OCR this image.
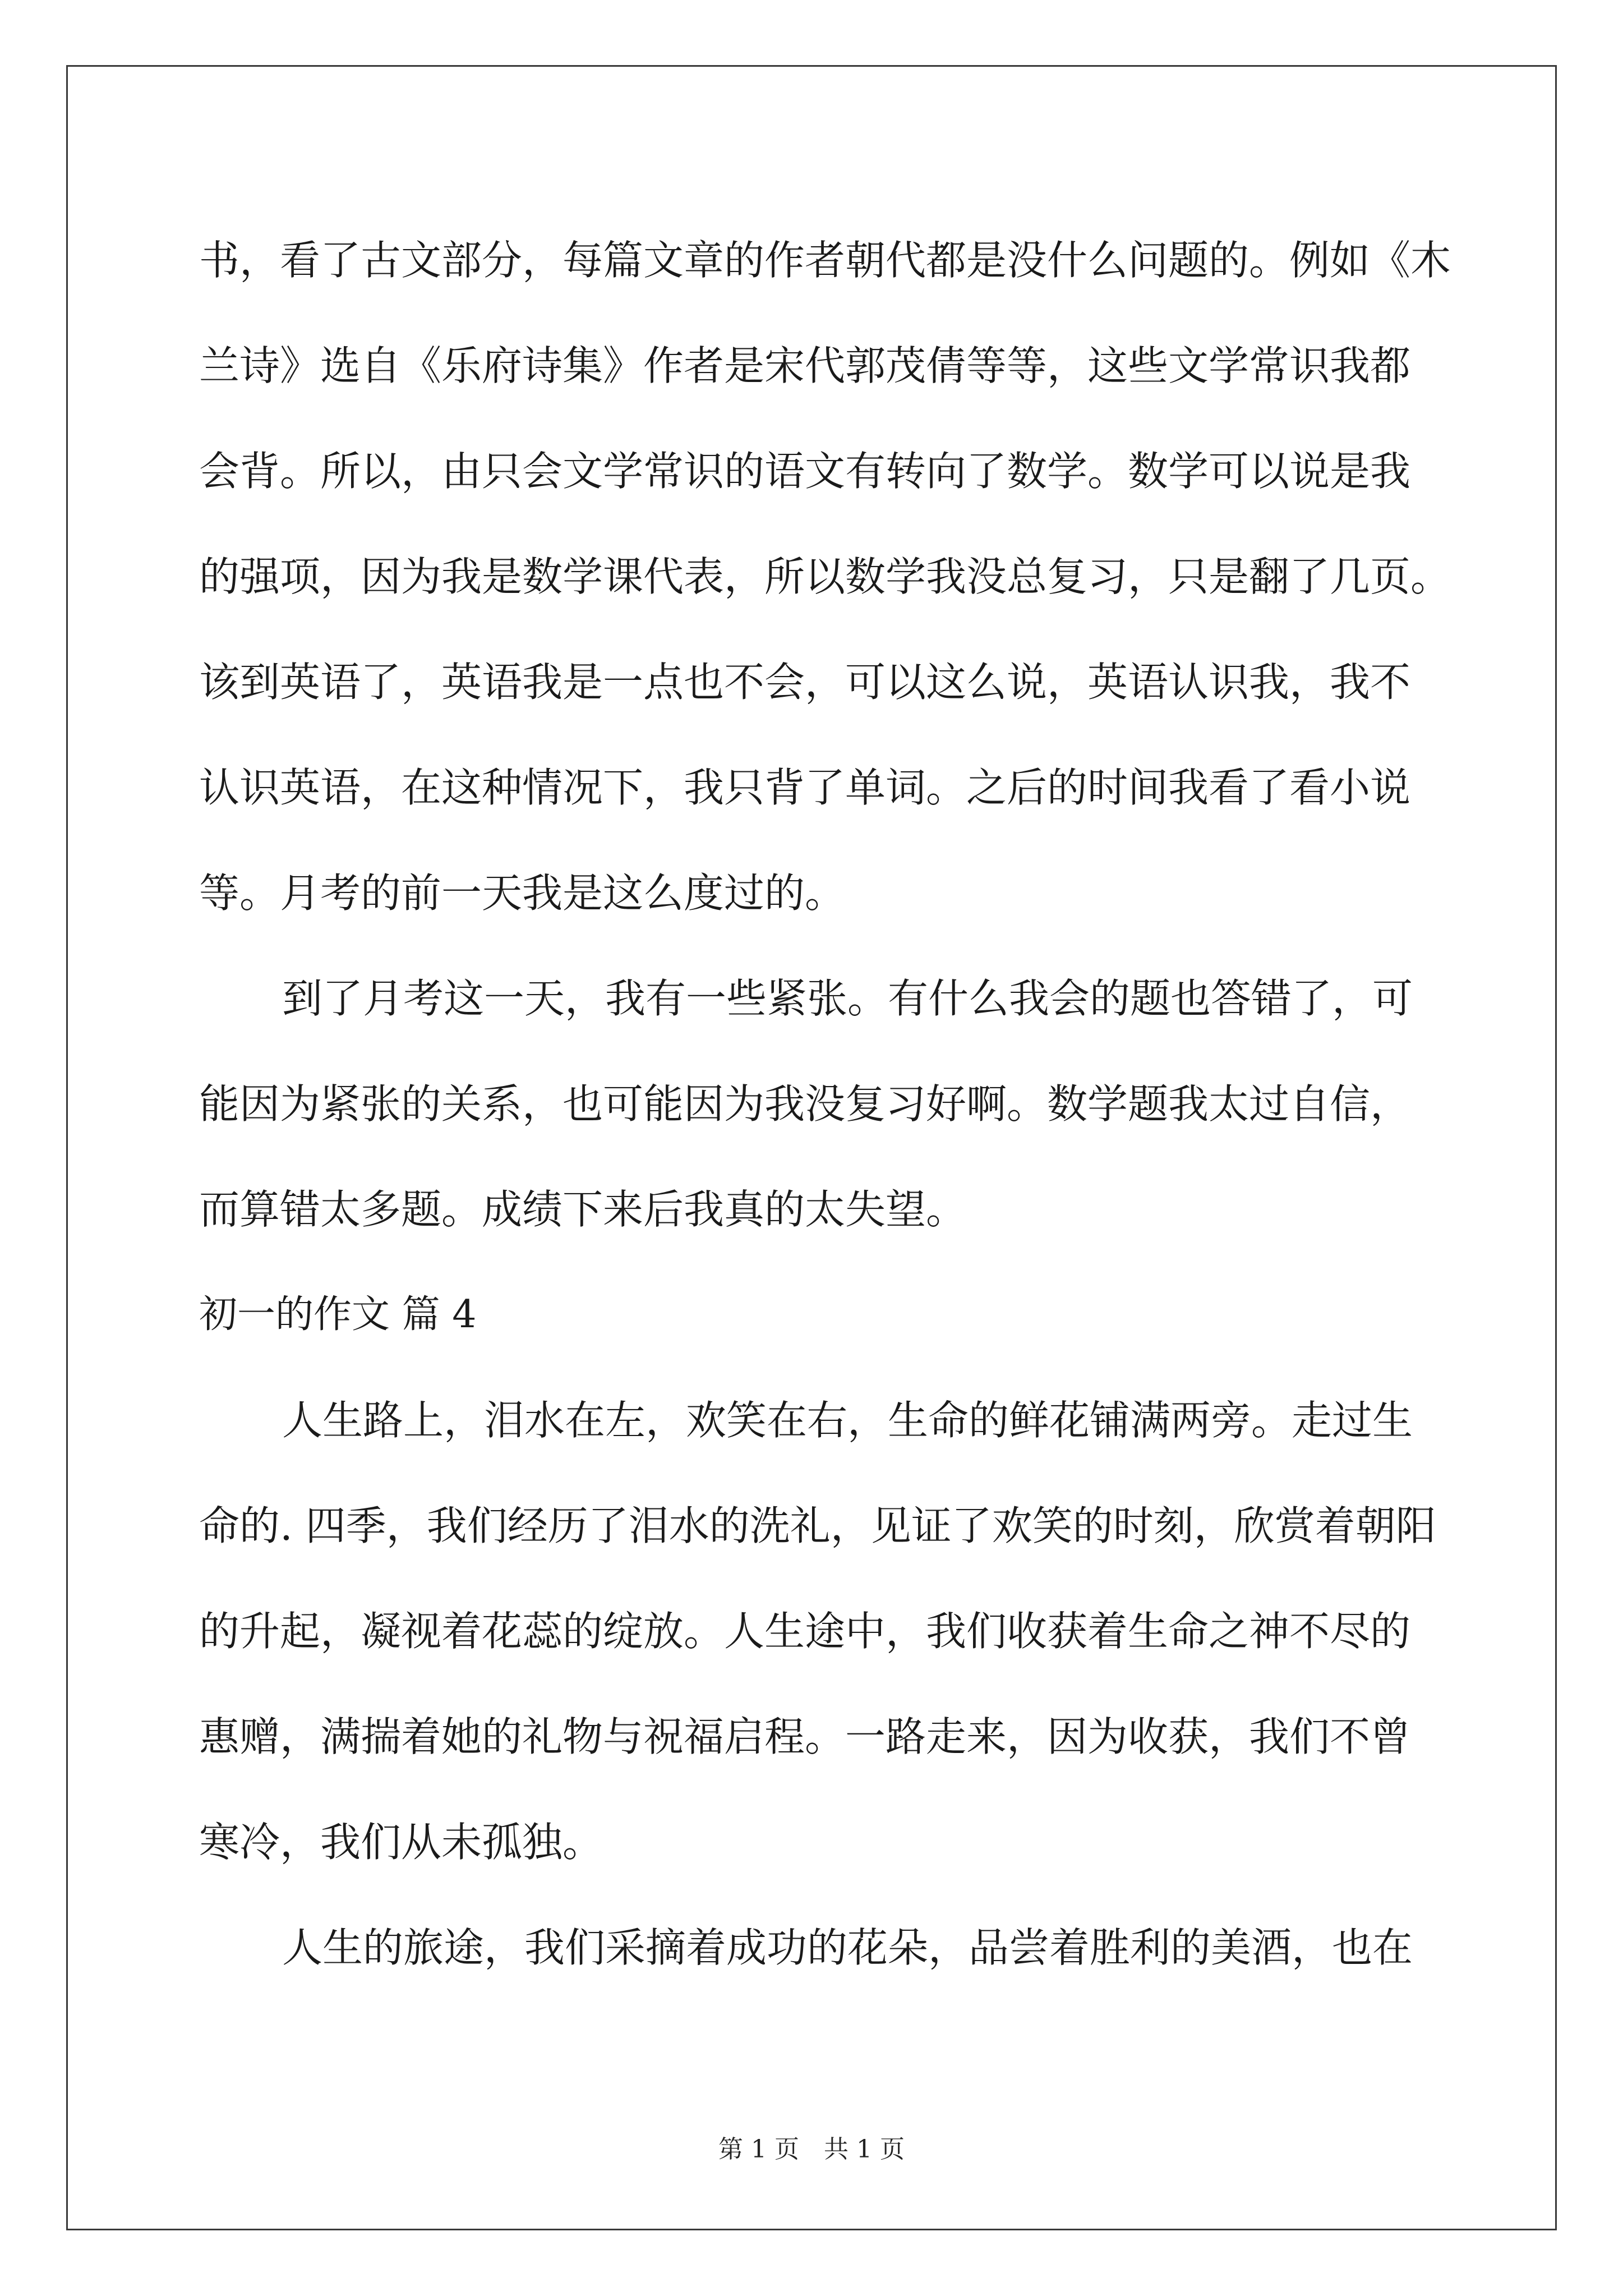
书，看了古文部分，每篇文章的作者朝代都是没什么问题的。例如《木
兰诗》选自《乐府诗集》作者是宋代郭茂倩等等，这些文学常识我都
会背。所以，由只会文学常识的语文有转向了数学。数学可以说是我
的强项，因为我是数学课代表，所以数学我没总复习，只是翻了几页。
该到英语了，英语我是一点也不会，可以这么说，英语认识我，我不
认识英语，在这种情况下，我只背了单词。之后的时间我看了看小说
等。月考的前一天我是这么度过的。
到了月考这一天，我有一些紧张。有什么我会的题也答错了，可
能因为紧张的关系，也可能因为我没复习好啊。数学题我太过自信，
而算错太多题。成绩下来后我真的太失望。
初一的作文 篇 4
人生路上，泪水在左，欢笑在右，生命的鲜花铺满两旁。走过生
命的. 四季，我们经历了泪水的洗礼，见证了欢笑的时刻，欣赏着朝阳
的升起，凝视着花蕊的绽放。人生途中，我们收获着生命之神不尽的
惠赠，满揣着她的礼物与祝福启程。一路走来，因为收获，我们不曾
寒冷，我们从未孤独。
人生的旅途，我们采摘着成功的花朵，品尝着胜利的美酒，也在
第 1 页　共 1 页
